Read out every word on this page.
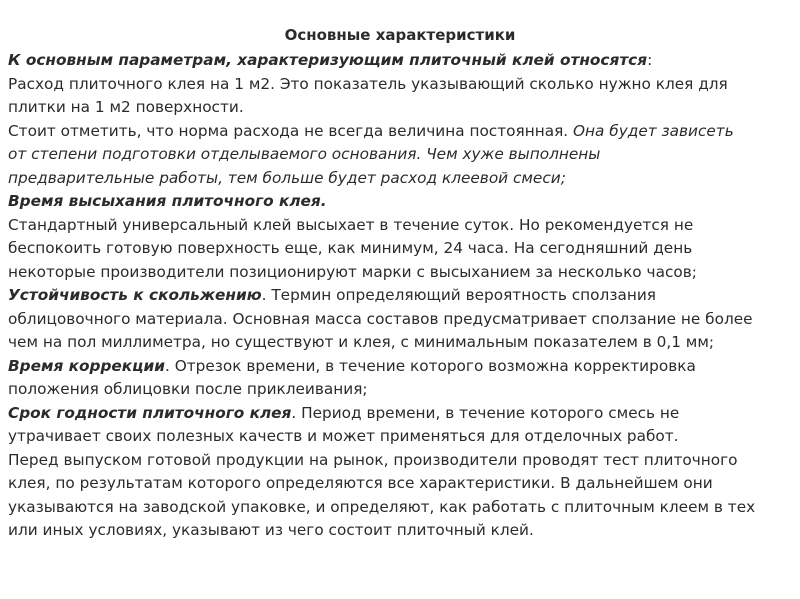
Основные характеристики
К основным параметрам, характеризующим плиточный клей относятся:
Расход плиточного клея на 1 м2. Это показатель указывающий сколько нужно клея для
плитки на 1 м2 поверхности.
Стоит отметить, что норма расхода не всегда величина постоянная. Она будет зависеть
от степени подготовки отделываемого основания. Чем хуже выполнены
предварительные работы, тем больше будет расход клеевой смеси;
Время высыхания плиточного клея.
Стандартный универсальный клей высыхает в течение суток. Но рекомендуется не
беспокоить готовую поверхность еще, как минимум, 24 часа. На сегодняшний день
некоторые производители позиционируют марки с высыханием за несколько часов;
Устойчивость к скольжению. Термин определяющий вероятность сползания
облицовочного материала. Основная масса составов предусматривает сползание не более
чем на пол миллиметра, но существуют и клея, с минимальным показателем в 0,1 мм;
Время коррекции. Отрезок времени, в течение которого возможна корректировка
положения облицовки после приклеивания;
Срок годности плиточного клея. Период времени, в течение которого смесь не
утрачивает своих полезных качеств и может применяться для отделочных работ.
Перед выпуском готовой продукции на рынок, производители проводят тест плиточного
клея, по результатам которого определяются все характеристики. В дальнейшем они
указываются на заводской упаковке, и определяют, как работать с плиточным клеем в тех
или иных условиях, указывают из чего состоит плиточный клей.
